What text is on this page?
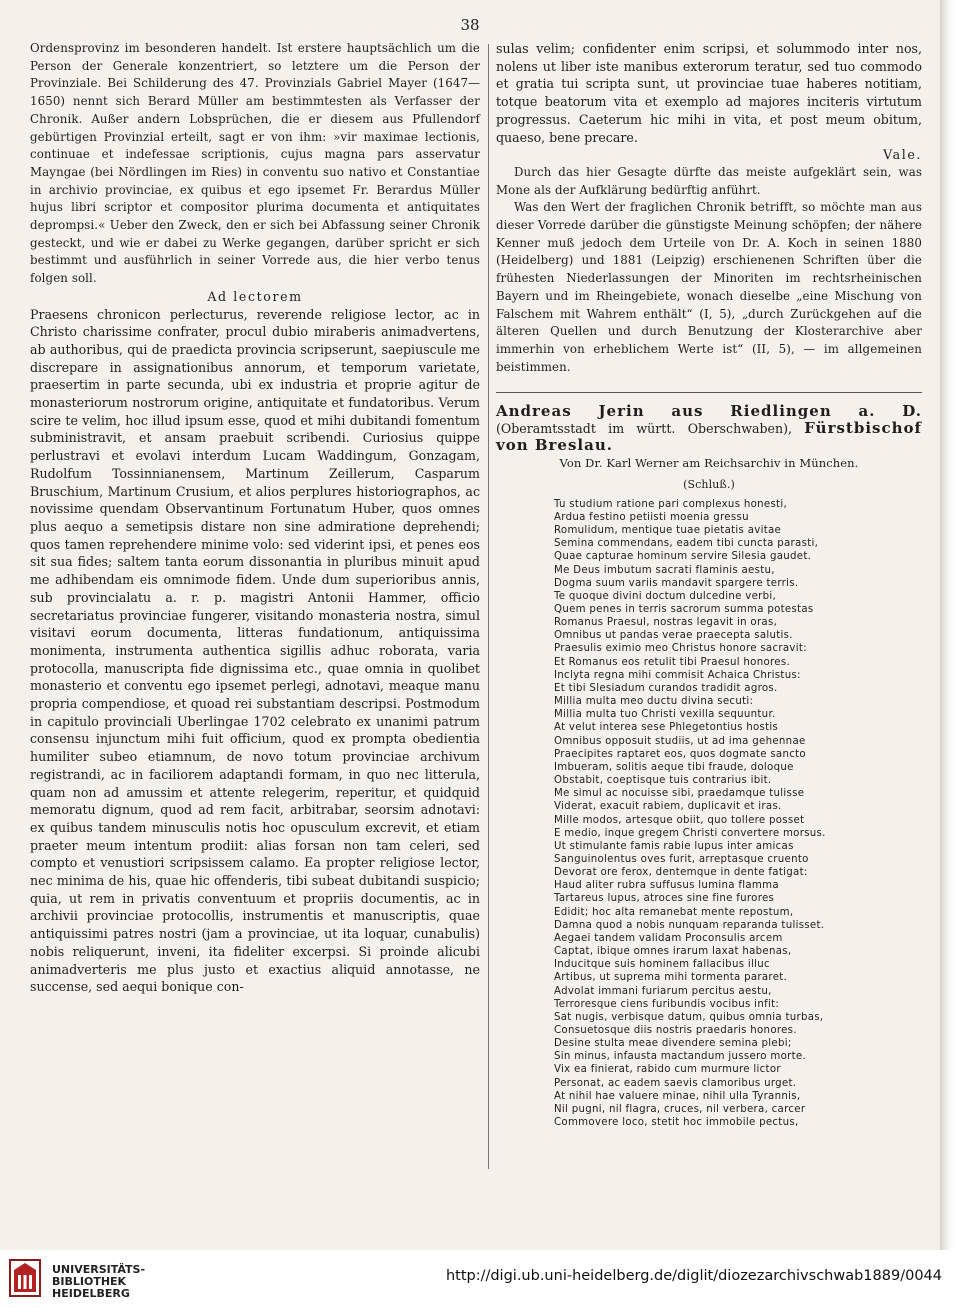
38

Ordensprovinz im besonderen handelt. Ist erstere hauptsächlich um die Person der Generale konzentriert, so letztere um die Person der Provinziale. Bei Schilderung des 47. Provinzials Gabriel Mayer (1647—1650) nennt sich Berard Müller am bestimmtesten als Verfasser der Chronik. Außer andern Lobsprüchen, die er diesem aus Pfullendorf gebürtigen Provinzial erteilt, sagt er von ihm: »vir maximae lectionis, continuae et indefessae scriptionis, cujus magna pars asservatur Mayngae (bei Nördlingen im Ries) in conventu suo nativo et Constantiae in archivio provinciae, ex quibus et ego ipsemet Fr. Berardus Müller hujus libri scriptor et compositor plurima documenta et antiquitates deprompsi.« Ueber den Zweck, den er sich bei Abfassung seiner Chronik gesteckt, und wie er dabei zu Werke gegangen, darüber spricht er sich bestimmt und ausführlich in seiner Vorrede aus, die hier verbo tenus folgen soll.

Ad lectorem

Praesens chronicon perlecturus, reverende religiose lector, ac in Christo charissime confrater, procul dubio miraberis animadvertens, ab authoribus, qui de praedicta provincia scripserunt, saepiuscule me discrepare in assignationibus annorum, et temporum varietate, praesertim in parte secunda, ubi ex industria et proprie agitur de monasteriorum nostrorum origine, antiquitate et fundatoribus. Verum scire te velim, hoc illud ipsum esse, quod et mihi dubitandi fomentum subministravit, et ansam praebuit scribendi. Curiosius quippe perlustravi et evolavi interdum Lucam Waddingum, Gonzagam, Rudolfum Tossinnianensem, Martinum Zeillerum, Casparum Bruschium, Martinum Crusium, et alios perplures historiographos, ac novissime quendam Observantinum Fortunatum Huber, quos omnes plus aequo a semetipsis distare non sine admiratione deprehendi; quos tamen reprehendere minime volo: sed viderint ipsi, et penes eos sit sua fides; saltem tanta eorum dissonantia in pluribus minuit apud me adhibendam eis omnimode fidem. Unde dum superioribus annis, sub provincialatu a. r. p. magistri Antonii Hammer, officio secretariatus provinciae fungerer, visitando monasteria nostra, simul visitavi eorum documenta, litteras fundationum, antiquissima monimenta, instrumenta authentica sigillis adhuc roborata, varia protocolla, manuscripta fide dignissima etc., quae omnia in quolibet monasterio et conventu ego ipsemet perlegi, adnotavi, meaque manu propria compendiose, et quoad rei substantiam descripsi. Postmodum in capitulo provinciali Uberlingae 1702 celebrato ex unanimi patrum consensu injunctum mihi fuit officium, quod ex prompta obedientia humiliter subeo etiamnum, de novo totum provinciae archivum registrandi, ac in faciliorem adaptandi formam, in quo nec litterula, quam non ad amussim et attente relegerim, reperitur, et quidquid memoratu dignum, quod ad rem facit, arbitrabar, seorsim adnotavi: ex quibus tandem minusculis notis hoc opusculum excrevit, et etiam praeter meum intentum prodiit: alias forsan non tam celeri, sed compto et venustiori scripsissem calamo. Ea propter religiose lector, nec minima de his, quae hic offenderis, tibi subeat dubitandi suspicio; quia, ut rem in privatis conventuum et propriis documentis, ac in archivii provinciae protocollis, instrumentis et manuscriptis, quae antiquissimi patres nostri (jam a provinciae, ut ita loquar, cunabulis) nobis reliquerunt, inveni, ita fideliter excerpsi. Si proinde alicubi animadverteris me plus justo et exactius aliquid annotasse, ne succense, sed aequi bonique con-

sulas velim; confidenter enim scripsi, et solummodo inter nos, nolens ut liber iste manibus exterorum teratur, sed tuo commodo et gratia tui scripta sunt, ut provinciae tuae haberes notitiam, totque beatorum vita et exemplo ad majores inciteris virtutum progressus. Caeterum hic mihi in vita, et post meum obitum, quaeso, bene precare.

Vale.

Durch das hier Gesagte dürfte das meiste aufgeklärt sein, was Mone als der Aufklärung bedürftig anführt.

Was den Wert der fraglichen Chronik betrifft, so möchte man aus dieser Vorrede darüber die günstigste Meinung schöpfen; der nähere Kenner muß jedoch dem Urteile von Dr. A. Koch in seinen 1880 (Heidelberg) und 1881 (Leipzig) erschienenen Schriften über die frühesten Niederlassungen der Minoriten im rechtsrheinischen Bayern und im Rheingebiete, wonach dieselbe „eine Mischung von Falschem mit Wahrem enthält“ (I, 5), „durch Zurückgehen auf die älteren Quellen und durch Benutzung der Klosterarchive aber immerhin von erheblichem Werte ist“ (II, 5), — im allgemeinen beistimmen.

Andreas Jerin aus Riedlingen a. D. (Oberamtsstadt im württ. Oberschwaben), Fürstbischof von Breslau.
Von Dr. Karl Werner am Reichsarchiv in München.
(Schluß.)
Tu studium ratione pari complexus honesti,
Ardua festino petiisti moenia gressu
Romulidum, mentique tuae pietatis avitae
Semina commendans, eadem tibi cuncta parasti,
Quae capturae hominum servire Silesia gaudet.
Me Deus imbutum sacrati flaminis aestu,
Dogma suum variis mandavit spargere terris.
Te quoque divini doctum dulcedine verbi,
Quem penes in terris sacrorum summa potestas
Romanus Praesul, nostras legavit in oras,
Omnibus ut pandas verae praecepta salutis.
Praesulis eximio meo Christus honore sacravit:
Et Romanus eos retulit tibi Praesul honores.
Inclyta regna mihi commisit Achaica Christus:
Et tibi Slesiadum curandos tradidit agros.
Millia multa meo ductu divina secuti:
Millia multa tuo Christi vexilla sequuntur.
At velut interea sese Phlegetontius hostis
Omnibus opposuit studiis, ut ad ima gehennae
Praecipites raptaret eos, quos dogmate sancto
Imbueram, solitis aeque tibi fraude, doloque
Obstabit, coeptisque tuis contrarius ibit.
Me simul ac nocuisse sibi, praedamque tulisse
Viderat, exacuit rabiem, duplicavit et iras.
Mille modos, artesque obiit, quo tollere posset
E medio, inque gregem Christi convertere morsus.
Ut stimulante famis rabie lupus inter amicas
Sanguinolentus oves furit, arreptasque cruento
Devorat ore ferox, dentemque in dente fatigat:
Haud aliter rubra suffusus lumina flamma
Tartareus lupus, atroces sine fine furores
Edidit; hoc alta remanebat mente repostum,
Damna quod a nobis nunquam reparanda tulisset.
Aegaei tandem validam Proconsulis arcem
Captat, ibique omnes irarum laxat habenas,
Inducitque suis hominem fallacibus illuc
Artibus, ut suprema mihi tormenta pararet.
Advolat immani furiarum percitus aestu,
Terroresque ciens furibundis vocibus infit:
Sat nugis, verbisque datum, quibus omnia turbas,
Consuetosque diis nostris praedaris honores.
Desine stulta meae divendere semina plebi;
Sin minus, infausta mactandum jussero morte.
Vix ea finierat, rabido cum murmure lictor
Personat, ac eadem saevis clamoribus urget.
At nihil hae valuere minae, nihil ulla Tyrannis,
Nil pugni, nil flagra, cruces, nil verbera, carcer
Commovere loco, stetit hoc immobile pectus,
UNIVERSITÄTS-
BIBLIOTHEK
HEIDELBERG
http://digi.ub.uni-heidelberg.de/diglit/diozezarchivschwab1889/0044
